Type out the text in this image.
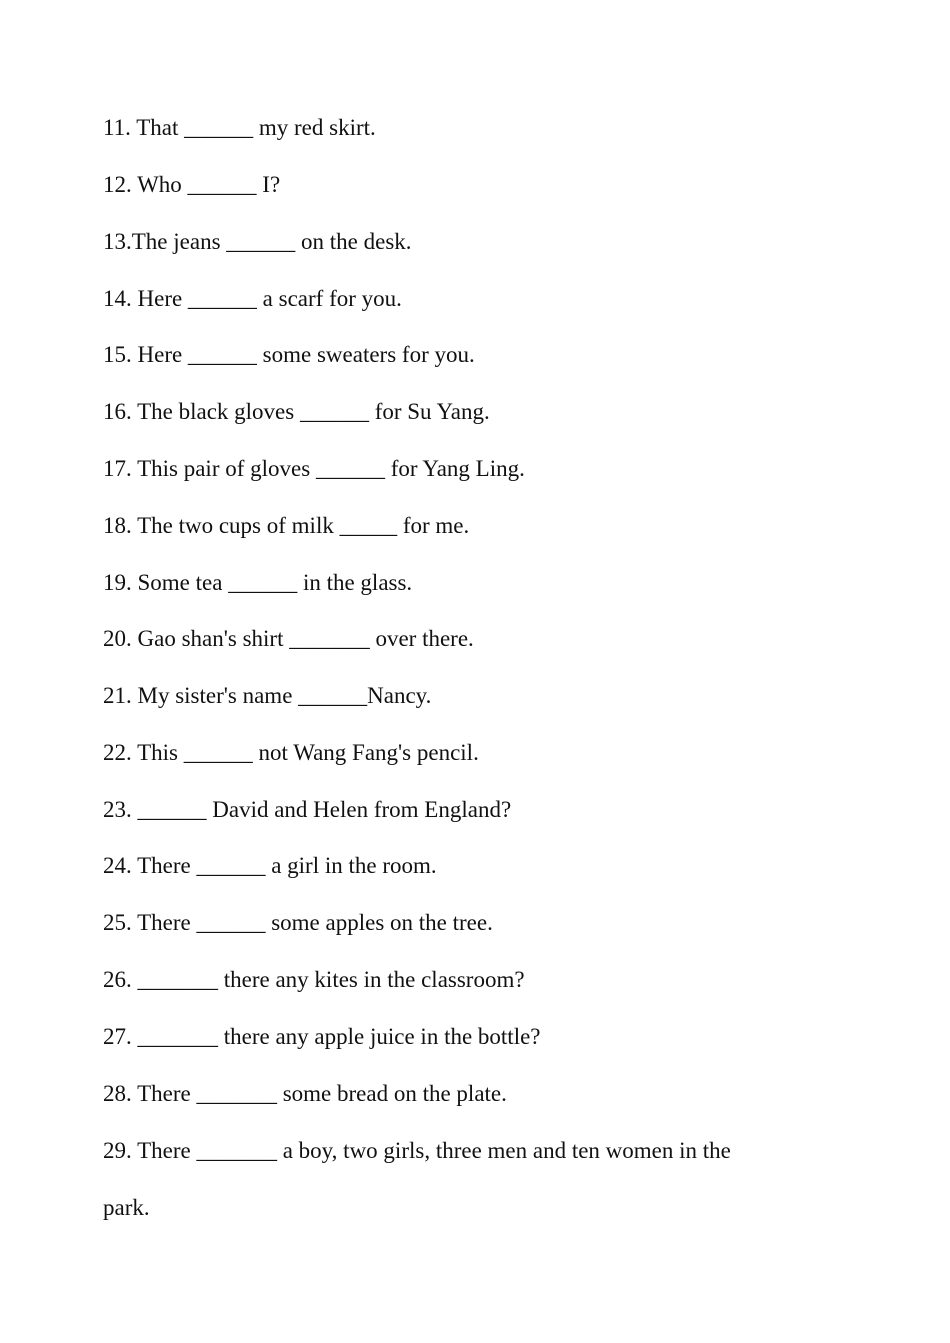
11. That ______ my red skirt.
12. Who ______ I?
13.The jeans ______ on the desk.
14. Here ______ a scarf for you.
15. Here ______ some sweaters for you.
16. The black gloves ______ for Su Yang.
17. This pair of gloves ______ for Yang Ling.
18. The two cups of milk _____ for me.
19. Some tea ______ in the glass.
20. Gao shan's shirt _______ over there.
21. My sister's name ______Nancy.
22. This ______ not Wang Fang's pencil.
23. ______ David and Helen from England?
24. There ______ a girl in the room.
25. There ______ some apples on the tree.
26. _______ there any kites in the classroom?
27. _______ there any apple juice in the bottle?
28. There _______ some bread on the plate.
29. There _______ a boy, two girls, three men and ten women in the
park.
